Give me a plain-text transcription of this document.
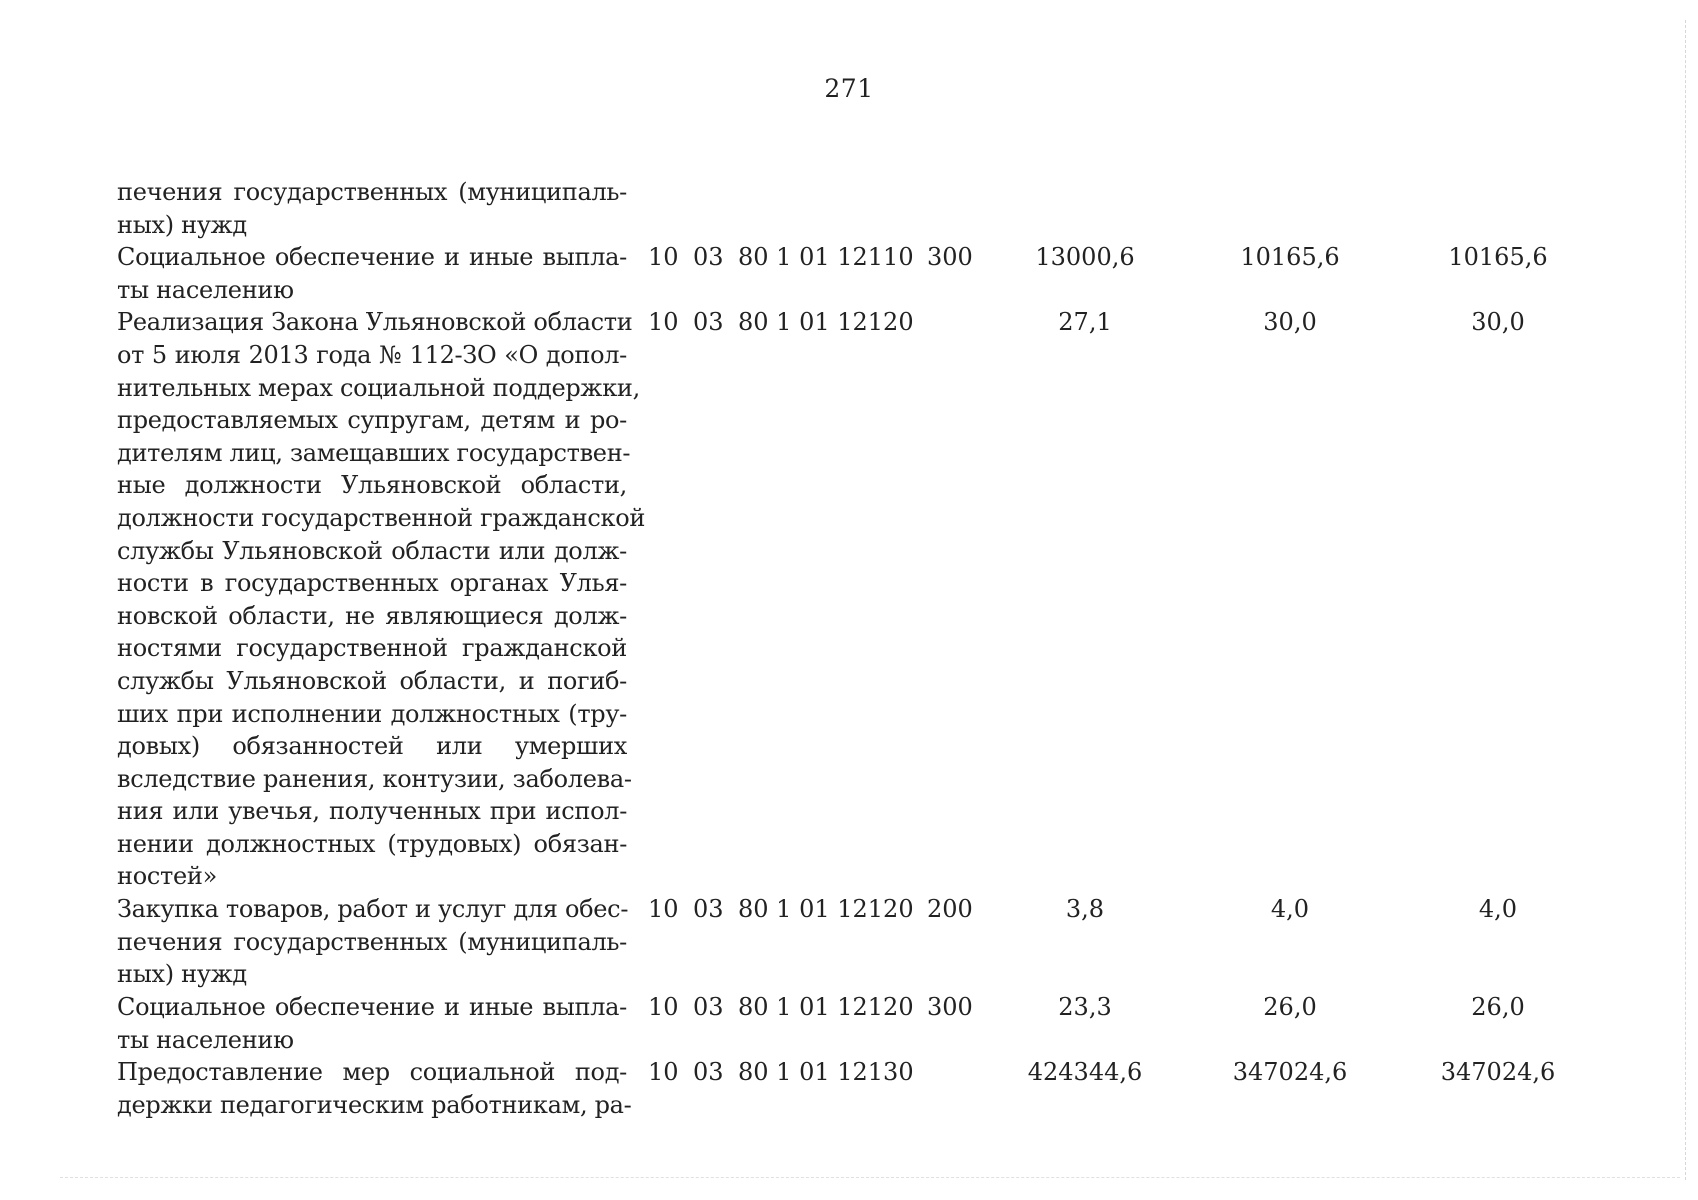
271
печения государственных (муниципаль-
ных) нужд
Социальное обеспечение и иные выпла-
ты населению
10 03 80 1 01 12110 300	13000,6	10165,6	10165,6
Реализация Закона Ульяновской области
от 5 июля 2013 года № 112-ЗО «О допол-
нительных мерах социальной поддержки,
предоставляемых супругам, детям и ро-
дителям лиц, замещавших государствен-
ные должности Ульяновской области,
должности государственной гражданской
службы Ульяновской области или долж-
ности в государственных органах Улья-
новской области, не являющиеся долж-
ностями государственной гражданской
службы Ульяновской области, и погиб-
ших при исполнении должностных (тру-
довых) обязанностей или умерших
вследствие ранения, контузии, заболева-
ния или увечья, полученных при испол-
нении должностных (трудовых) обязан-
ностей»
10 03 80 1 01 12120	27,1	30,0	30,0
Закупка товаров, работ и услуг для обес-
печения государственных (муниципаль-
ных) нужд
10 03 80 1 01 12120 200	3,8	4,0	4,0
Социальное обеспечение и иные выпла-
ты населению
10 03 80 1 01 12120 300	23,3	26,0	26,0
Предоставление мер социальной под-
держки педагогическим работникам, ра-
10 03 80 1 01 12130	424344,6	347024,6	347024,6
